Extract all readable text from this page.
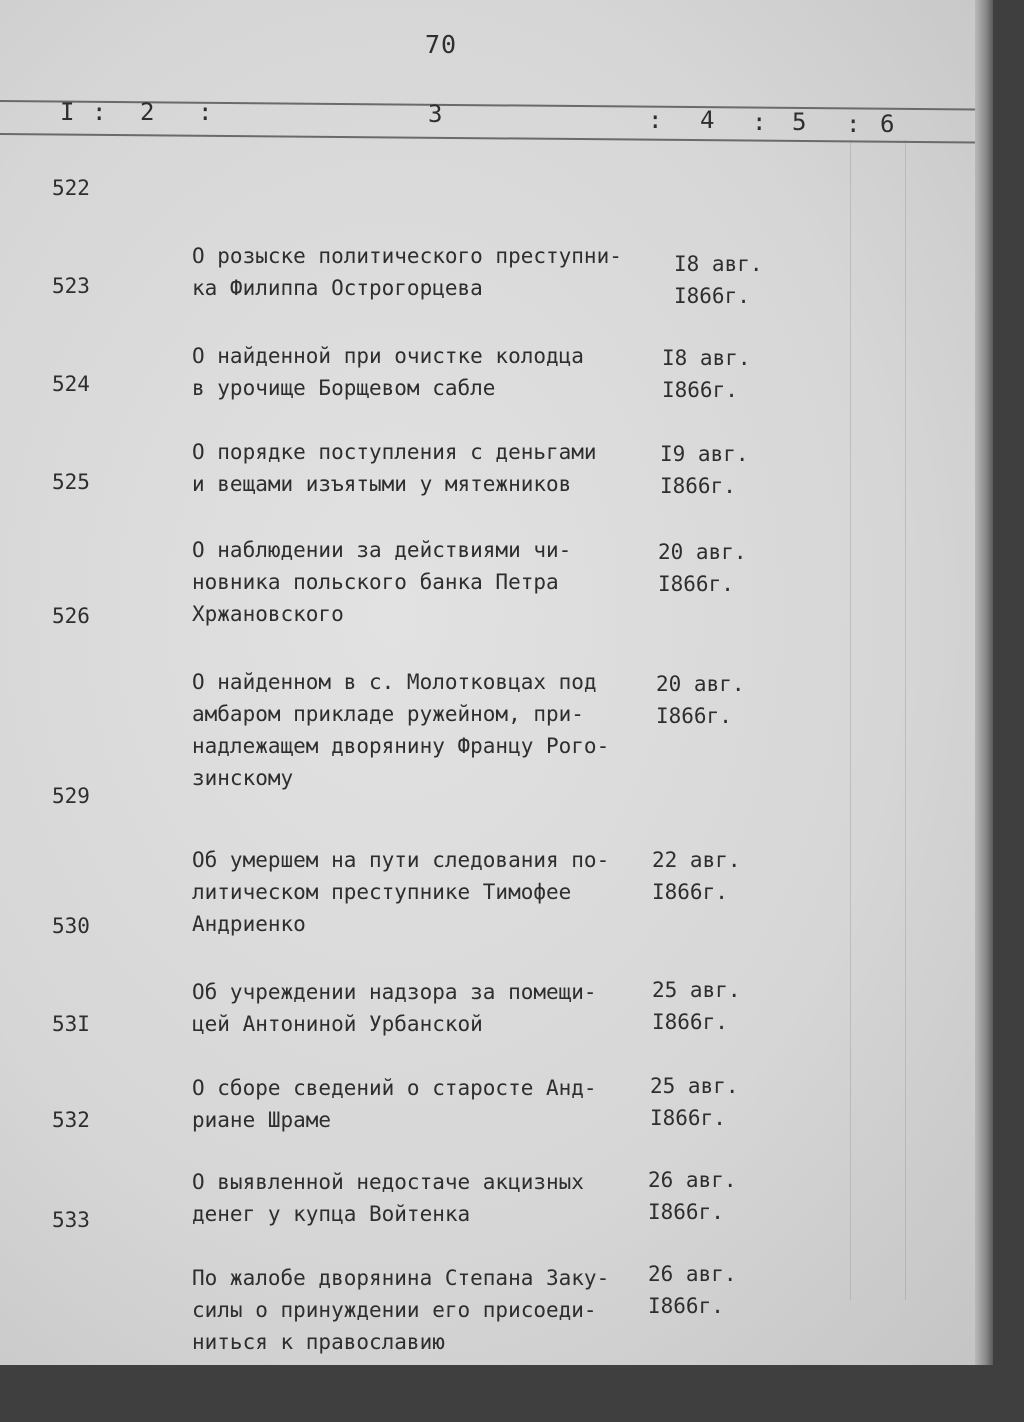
70
I : 2 :	3	: 4 : 5 : 6
522

О розыске политического преступни-
ка Филиппа Острогорцева

I8 авг.
I866г.

523

О найденной при очистке колодца
в урочище Борщевом сабле

I8 авг.
I866г.

524

О порядке поступления с деньгами
и вещами изъятыми у мятежников

I9 авг.
I866г.

525

О наблюдении за действиями чи-
новника польского банка Петра
Хржановского

20 авг.
I866г.

526

О найденном в с. Молотковцах под
амбаром прикладе ружейном, при-
надлежащем дворянину Францу Рого-
зинскому

20 авг.
I866г.

529

Об умершем на пути следования по-
литическом преступнике Тимофее
Андриенко

22 авг.
I866г.

530

Об учреждении надзора за помещи-
цей Антониной Урбанской

25 авг.
I866г.

53I

О сборе сведений о старосте Анд-
риане Шраме

25 авг.
I866г.

532

О выявленной недостаче акцизных
денег у купца Войтенка

26 авг.
I866г.

533

По жалобе дворянина Степана Заку-
силы о принуждении его присоеди-
ниться к православию

26 авг.
I866г.
